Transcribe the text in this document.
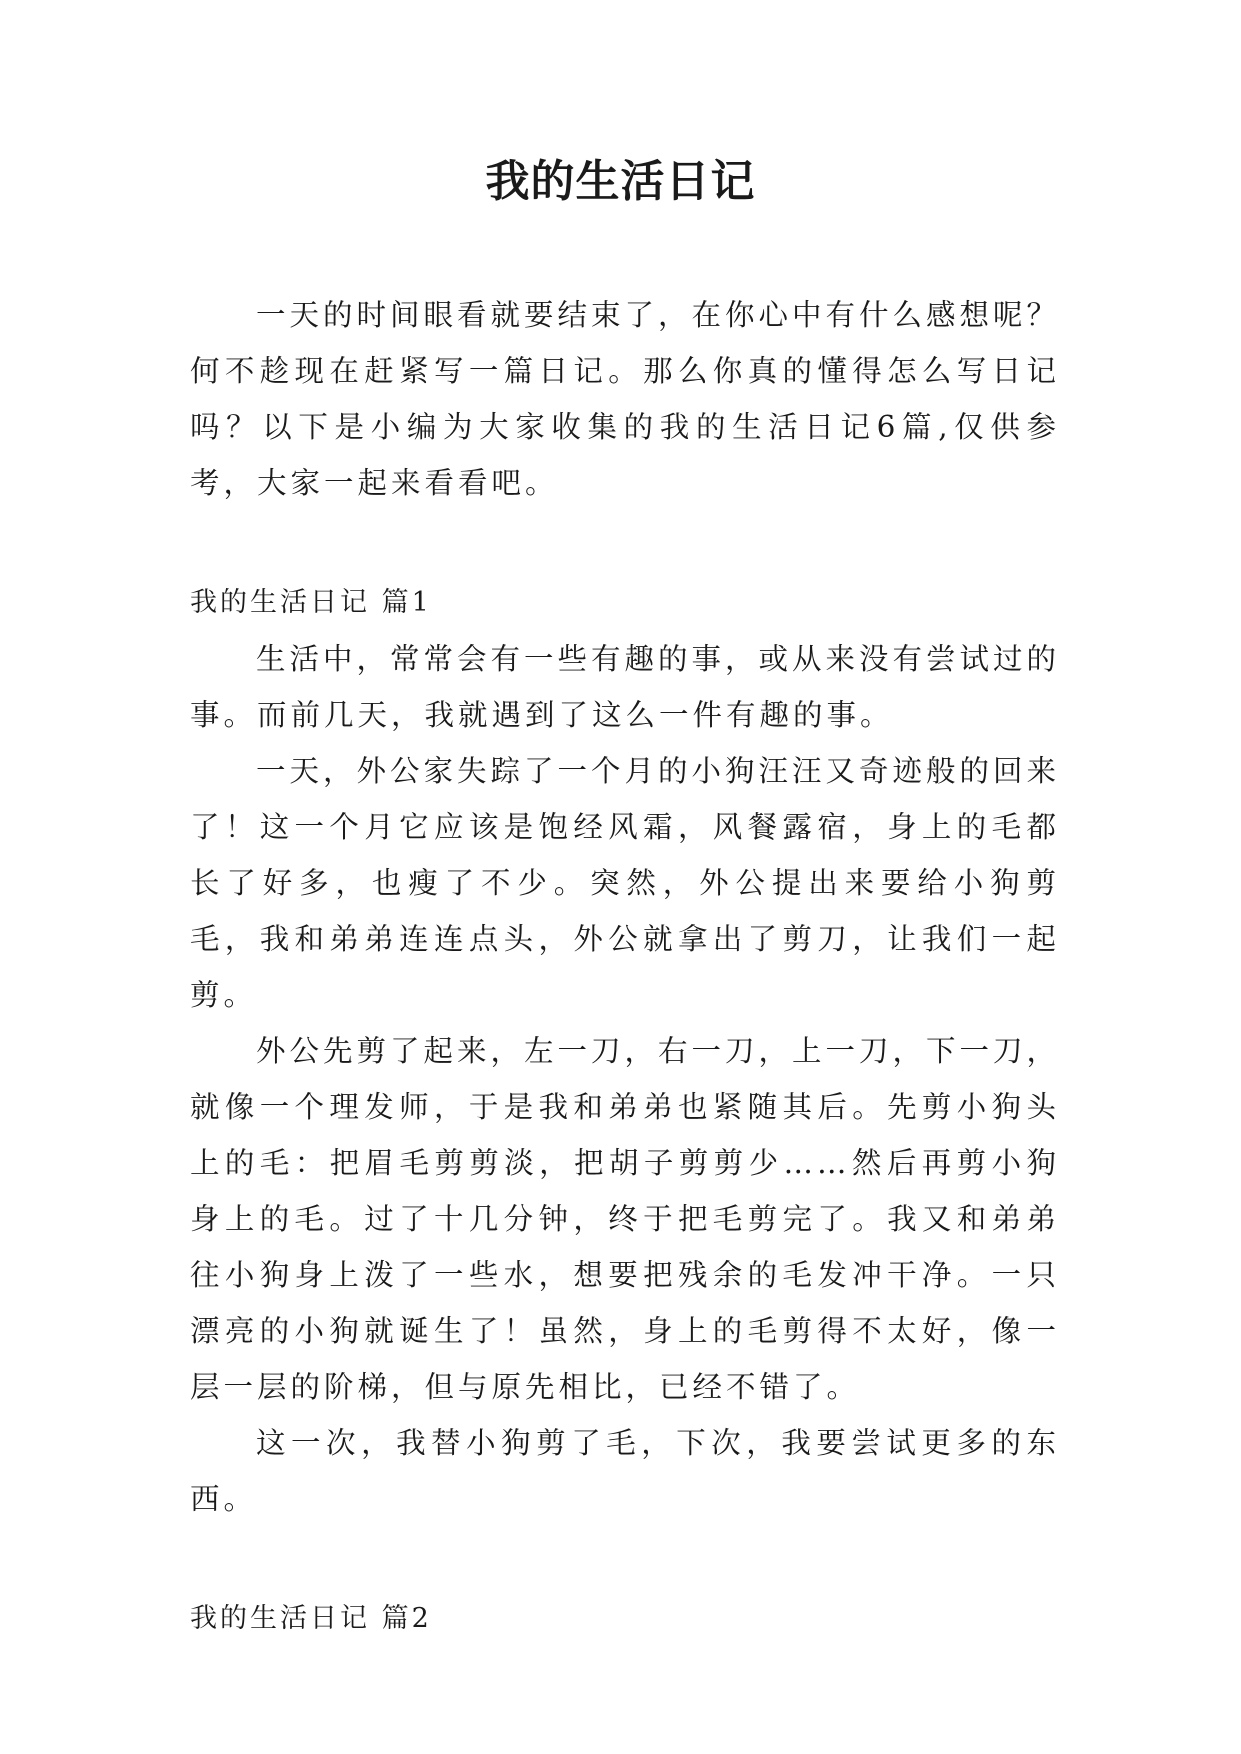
我的生活日记

一天的时间眼看就要结束了，在你心中有什么感想呢？何不趁现在赶紧写一篇日记。那么你真的懂得怎么写日记吗？以下是小编为大家收集的我的生活日记6篇,仅供参考，大家一起来看看吧。

我的生活日记 篇1

生活中，常常会有一些有趣的事，或从来没有尝试过的事。而前几天，我就遇到了这么一件有趣的事。

一天，外公家失踪了一个月的小狗汪汪又奇迹般的回来了！这一个月它应该是饱经风霜，风餐露宿，身上的毛都长了好多，也瘦了不少。突然，外公提出来要给小狗剪毛，我和弟弟连连点头，外公就拿出了剪刀，让我们一起剪。

外公先剪了起来，左一刀，右一刀，上一刀，下一刀，就像一个理发师，于是我和弟弟也紧随其后。先剪小狗头上的毛：把眉毛剪剪淡，把胡子剪剪少……然后再剪小狗身上的毛。过了十几分钟，终于把毛剪完了。我又和弟弟往小狗身上泼了一些水，想要把残余的毛发冲干净。一只漂亮的小狗就诞生了！虽然，身上的毛剪得不太好，像一层一层的阶梯，但与原先相比，已经不错了。

这一次，我替小狗剪了毛，下次，我要尝试更多的东西。

我的生活日记 篇2
